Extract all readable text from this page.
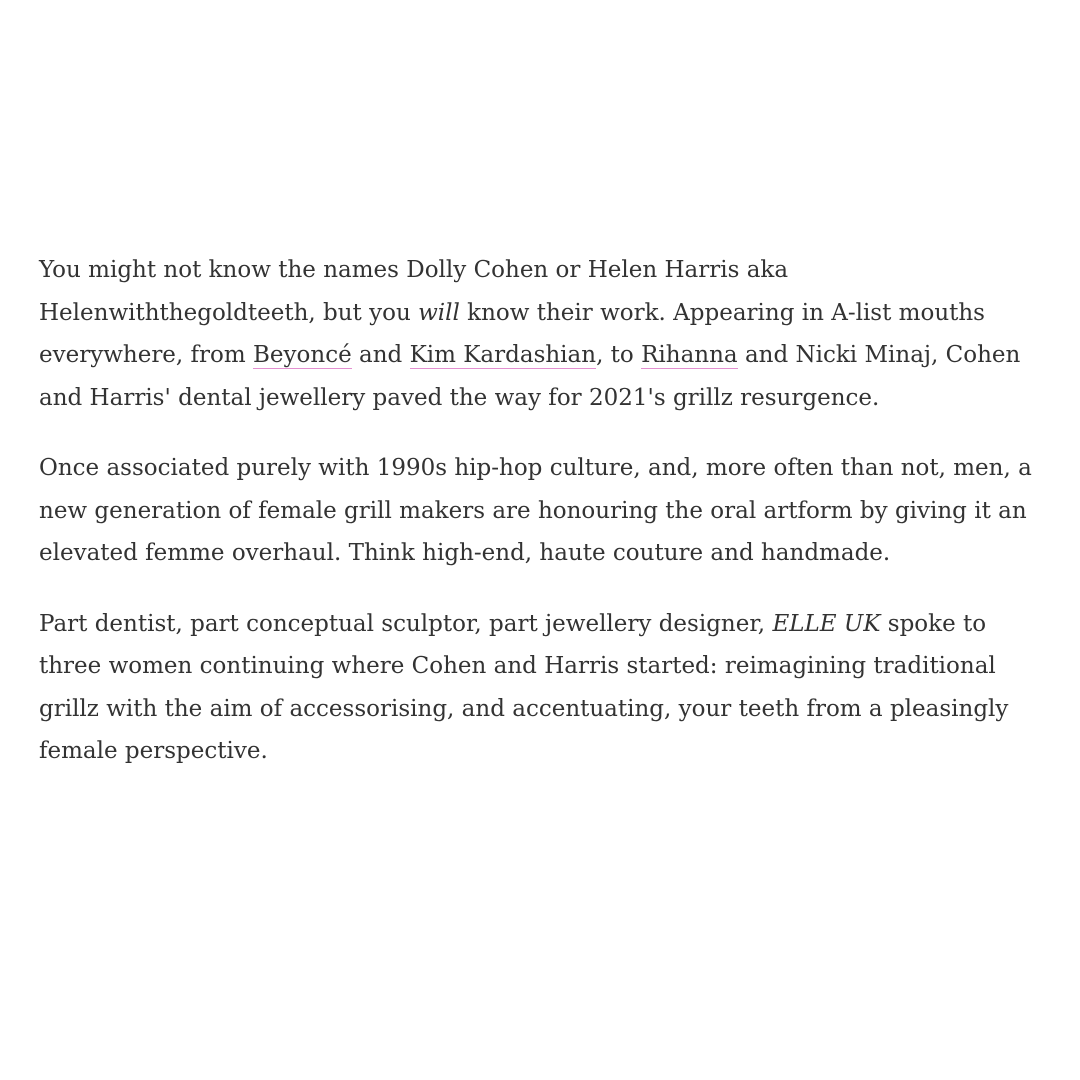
You might not know the names Dolly Cohen or Helen Harris aka Helenwiththegoldteeth, but you will know their work. Appearing in A-list mouths everywhere, from Beyoncé and Kim Kardashian, to Rihanna and Nicki Minaj, Cohen and Harris' dental jewellery paved the way for 2021's grillz resurgence.

Once associated purely with 1990s hip-hop culture, and, more often than not, men, a new generation of female grill makers are honouring the oral artform by giving it an elevated femme overhaul. Think high-end, haute couture and handmade.

Part dentist, part conceptual sculptor, part jewellery designer, ELLE UK spoke to three women continuing where Cohen and Harris started: reimagining traditional grillz with the aim of accessorising, and accentuating, your teeth from a pleasingly female perspective.
